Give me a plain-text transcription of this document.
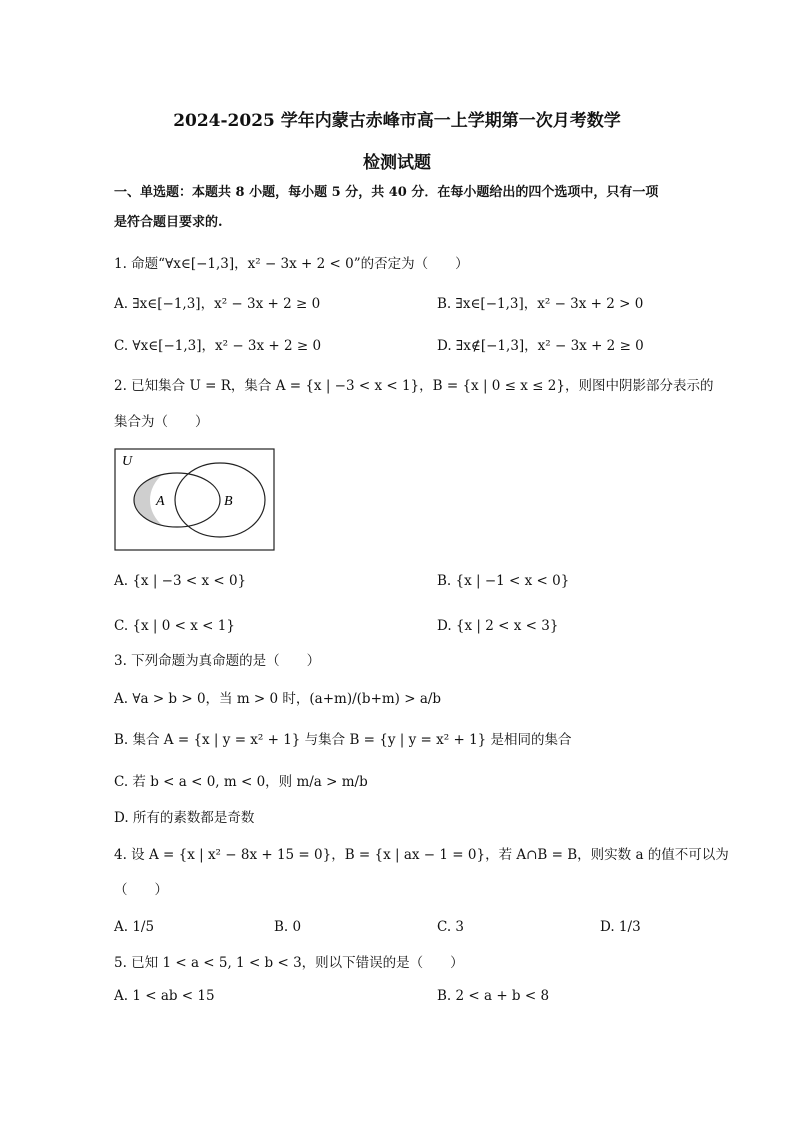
2024-2025 学年内蒙古赤峰市高一上学期第一次月考数学
检测试题
一、单选题：本题共 8 小题，每小题 5 分，共 40 分．在每小题给出的四个选项中，只有一项
是符合题目要求的.
1. 命题“∀x∈[−1,3]，x² − 3x + 2 < 0”的否定为（　　）
A. ∃x∈[−1,3]，x² − 3x + 2 ≥ 0	B. ∃x∈[−1,3]，x² − 3x + 2 > 0
C. ∀x∈[−1,3]，x² − 3x + 2 ≥ 0	D. ∃x∉[−1,3]，x² − 3x + 2 ≥ 0
2. 已知集合 U = R，集合 A = {x | −3 < x < 1}，B = {x | 0 ≤ x ≤ 2}，则图中阴影部分表示的
集合为（　　）
U
A	B
A. {x | −3 < x < 0}	B. {x | −1 < x < 0}
C. {x | 0 < x < 1}	D. {x | 2 < x < 3}
3. 下列命题为真命题的是（　　）
A. ∀a > b > 0，当 m > 0 时，(a+m)/(b+m) > a/b
B. 集合 A = {x | y = x² + 1} 与集合 B = {y | y = x² + 1} 是相同的集合
C. 若 b < a < 0, m < 0，则 m/a > m/b
D. 所有的素数都是奇数
4. 设 A = {x | x² − 8x + 15 = 0}，B = {x | ax − 1 = 0}，若 A∩B = B，则实数 a 的值不可以为
（　　）
A. 1/5	B. 0	C. 3	D. 1/3
5. 已知 1 < a < 5, 1 < b < 3，则以下错误的是（　　）
A. 1 < ab < 15	B. 2 < a + b < 8
